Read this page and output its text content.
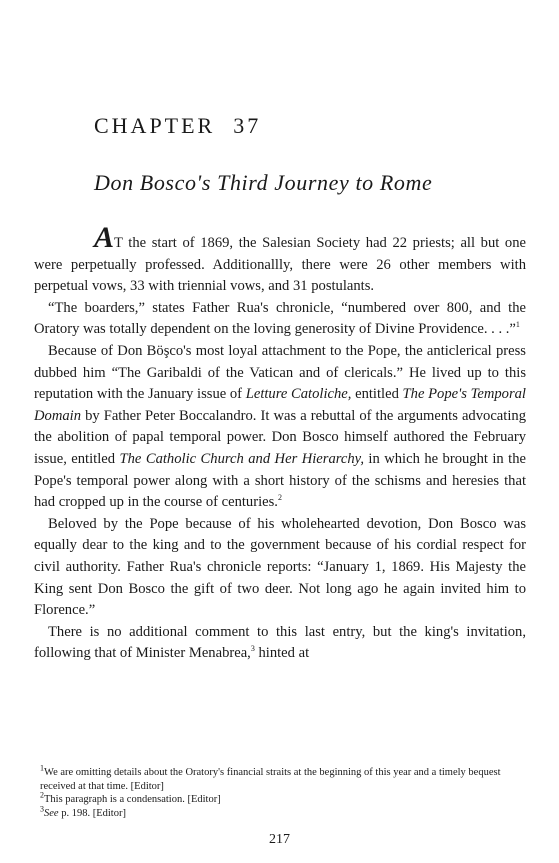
CHAPTER 37
Don Bosco's Third Journey to Rome

AT the start of 1869, the Salesian Society had 22 priests; all but one were perpetually professed. Additionallly, there were 26 other members with perpetual vows, 33 with triennial vows, and 31 postulants.

“The boarders,” states Father Rua's chronicle, “numbered over 800, and the Oratory was totally dependent on the loving generosity of Divine Providence. . . .”$^1$

Because of Don Böşco's most loyal attachment to the Pope, the anticlerical press dubbed him “The Garibaldi of the Vatican and of clericals.” He lived up to this reputation with the January issue of Letture Catoliche, entitled The Pope's Temporal Domain by Father Peter Boccalandro. It was a rebuttal of the arguments advocating the abolition of papal temporal power. Don Bosco himself authored the February issue, entitled The Catholic Church and Her Hierarchy, in which he brought in the Pope's temporal power along with a short history of the schisms and heresies that had cropped up in the course of centuries.$^2$

Beloved by the Pope because of his wholehearted devotion, Don Bosco was equally dear to the king and to the government because of his cordial respect for civil authority. Father Rua's chronicle reports: “January 1, 1869. His Majesty the King sent Don Bosco the gift of two deer. Not long ago he again invited him to Florence.”

There is no additional comment to this last entry, but the king's invitation, following that of Minister Menabrea,$^3$ hinted at

$^1$We are omitting details about the Oratory's financial straits at the beginning of this year and a timely bequest received at that time. [Editor]

$^2$This paragraph is a condensation. [Editor]

$^3$See p. 198. [Editor]

217
